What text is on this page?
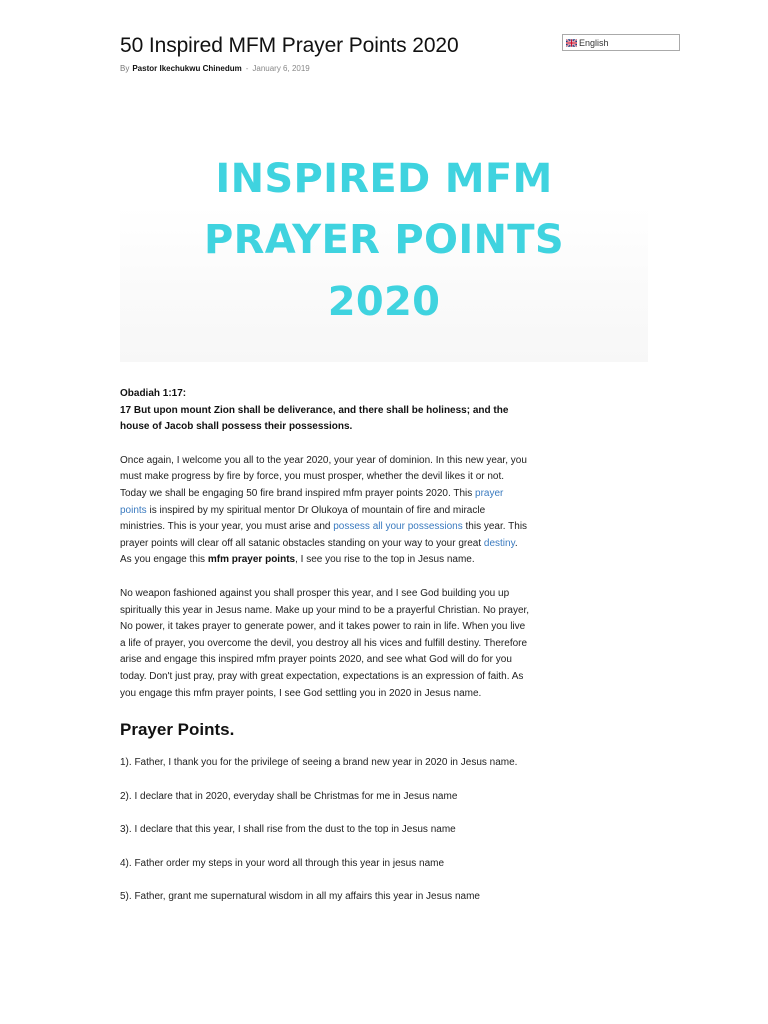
50 Inspired MFM Prayer Points 2020
By Pastor Ikechukwu Chinedum - January 6, 2019
English
INSPIRED MFM
PRAYER POINTS
2020

Obadiah 1:17:
17 But upon mount Zion shall be deliverance, and there shall be holiness; and the house of Jacob shall possess their possessions.

Once again, I welcome you all to the year 2020, your year of dominion. In this new year, you must make progress by fire by force, you must prosper, whether the devil likes it or not. Today we shall be engaging 50 fire brand inspired mfm prayer points 2020. This prayer points is inspired by my spiritual mentor Dr Olukoya of mountain of fire and miracle ministries. This is your year, you must arise and possess all your possessions this year. This prayer points will clear off all satanic obstacles standing on your way to your great destiny. As you engage this mfm prayer points, I see you rise to the top in Jesus name.

No weapon fashioned against you shall prosper this year, and I see God building you up spiritually this year in Jesus name. Make up your mind to be a prayerful Christian. No prayer, No power, it takes prayer to generate power, and it takes power to rain in life. When you live a life of prayer, you overcome the devil, you destroy all his vices and fulfill destiny. Therefore arise and engage this inspired mfm prayer points 2020, and see what God will do for you today. Don't just pray, pray with great expectation, expectations is an expression of faith. As you engage this mfm prayer points, I see God settling you in 2020 in Jesus name.

Prayer Points.

1). Father, I thank you for the privilege of seeing a brand new year in 2020 in Jesus name.

2). I declare that in 2020, everyday shall be Christmas for me in Jesus name

3). I declare that this year, I shall rise from the dust to the top in Jesus name

4). Father order my steps in your word all through this year in jesus name

5). Father, grant me supernatural wisdom in all my affairs this year in Jesus name
